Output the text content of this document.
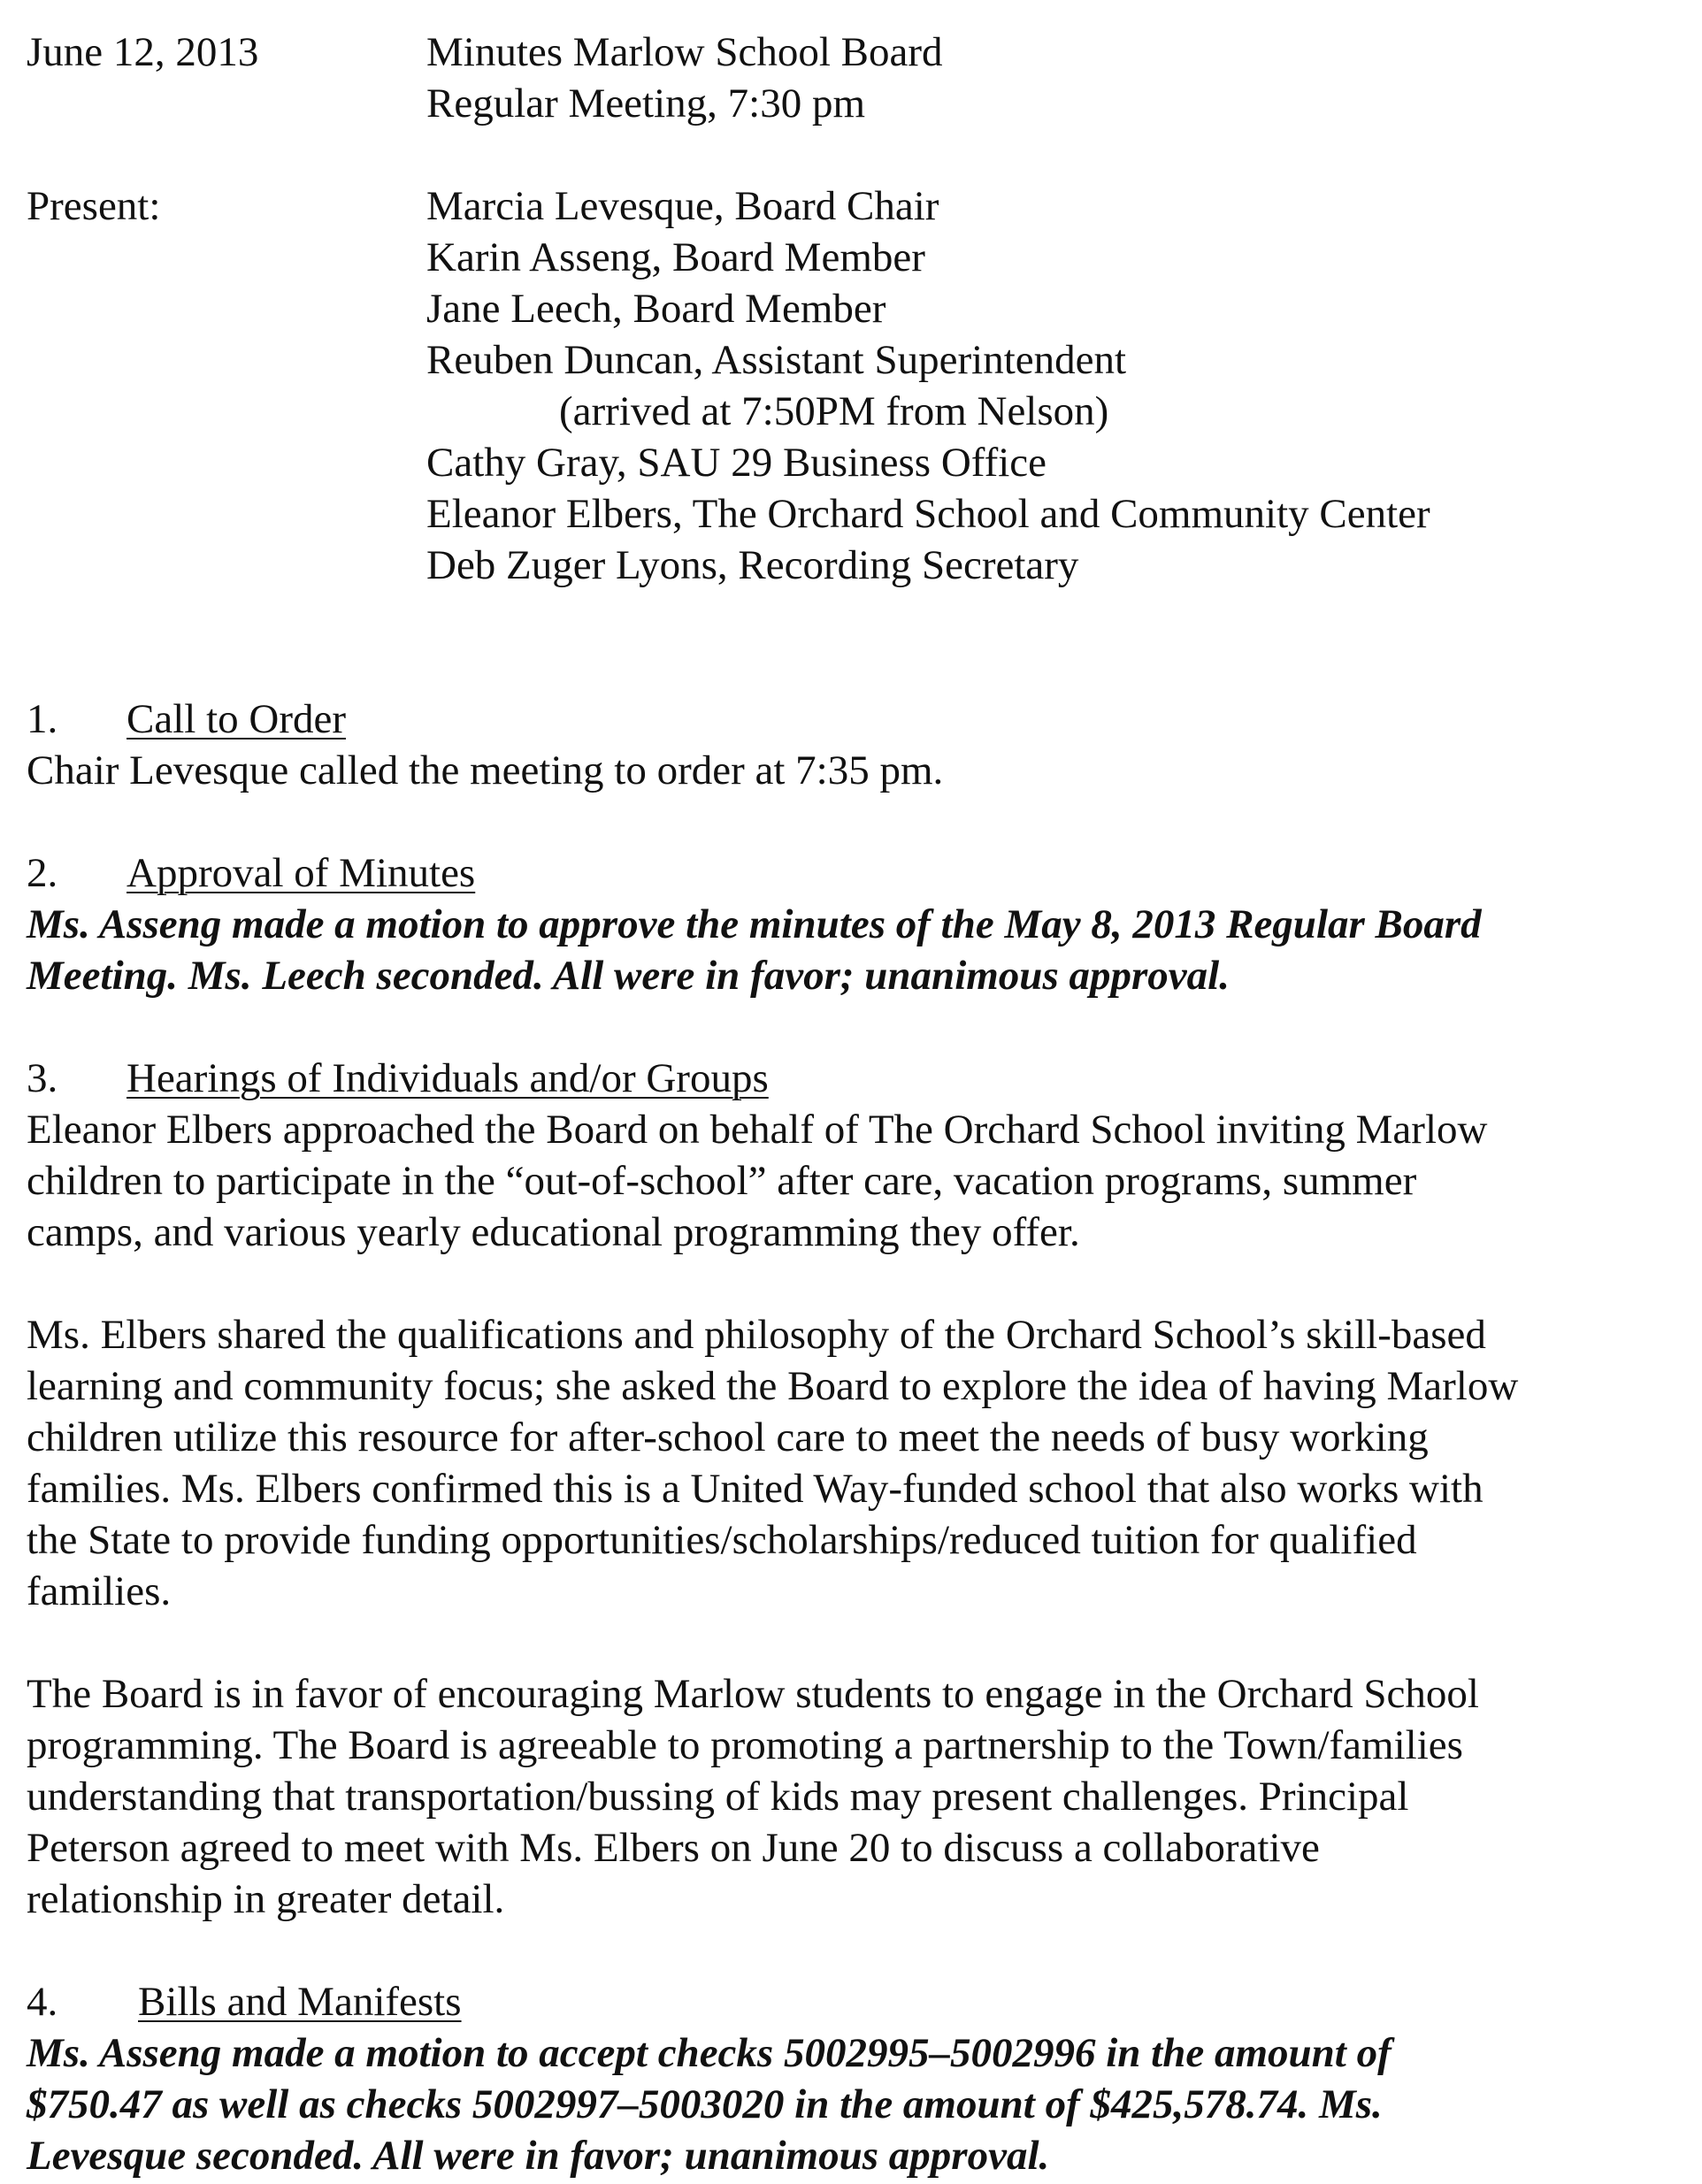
June 12, 2013	Minutes Marlow School Board
Regular Meeting, 7:30 pm
Present:	Marcia Levesque, Board Chair
Karin Asseng, Board Member
Jane Leech, Board Member
Reuben Duncan, Assistant Superintendent
(arrived at 7:50PM from Nelson)
Cathy Gray, SAU 29 Business Office
Eleanor Elbers, The Orchard School and Community Center
Deb Zuger Lyons, Recording Secretary
1. Call to Order
Chair Levesque called the meeting to order at 7:35 pm.
2. Approval of Minutes
Ms. Asseng made a motion to approve the minutes of the May 8, 2013 Regular Board
Meeting. Ms. Leech seconded. All were in favor; unanimous approval.
3. Hearings of Individuals and/or Groups
Eleanor Elbers approached the Board on behalf of The Orchard School inviting Marlow
children to participate in the “out-of-school” after care, vacation programs, summer
camps, and various yearly educational programming they offer.
Ms. Elbers shared the qualifications and philosophy of the Orchard School’s skill-based
learning and community focus; she asked the Board to explore the idea of having Marlow
children utilize this resource for after-school care to meet the needs of busy working
families. Ms. Elbers confirmed this is a United Way-funded school that also works with
the State to provide funding opportunities/scholarships/reduced tuition for qualified
families.
The Board is in favor of encouraging Marlow students to engage in the Orchard School
programming. The Board is agreeable to promoting a partnership to the Town/families
understanding that transportation/bussing of kids may present challenges. Principal
Peterson agreed to meet with Ms. Elbers on June 20 to discuss a collaborative
relationship in greater detail.
4. Bills and Manifests
Ms. Asseng made a motion to accept checks 5002995–5002996 in the amount of
$750.47 as well as checks 5002997–5003020 in the amount of $425,578.74. Ms.
Levesque seconded. All were in favor; unanimous approval.
